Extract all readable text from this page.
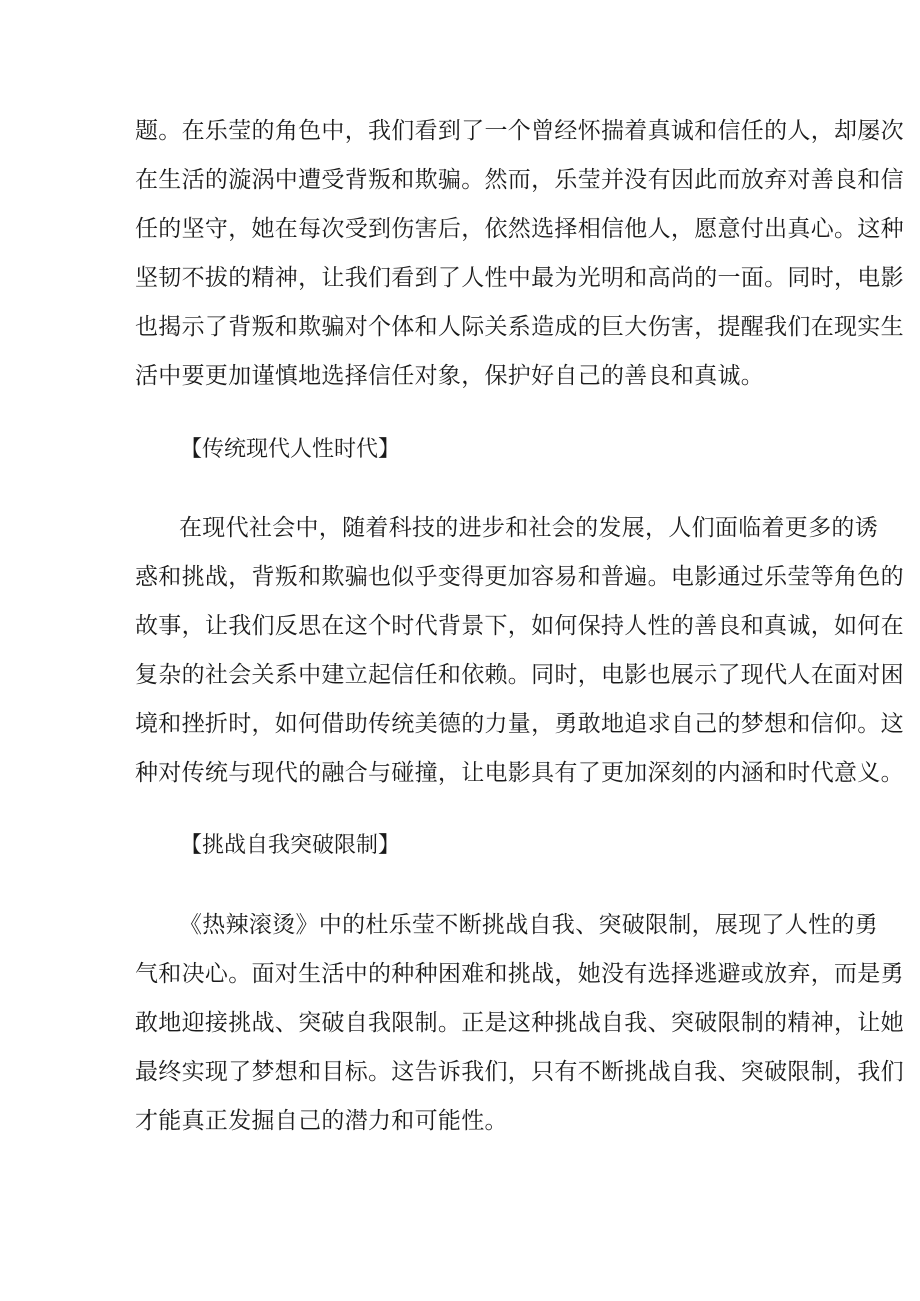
题。在乐莹的角色中，我们看到了一个曾经怀揣着真诚和信任的人，却屡次
在生活的漩涡中遭受背叛和欺骗。然而，乐莹并没有因此而放弃对善良和信
任的坚守，她在每次受到伤害后，依然选择相信他人，愿意付出真心。这种
坚韧不拔的精神，让我们看到了人性中最为光明和高尚的一面。同时，电影
也揭示了背叛和欺骗对个体和人际关系造成的巨大伤害，提醒我们在现实生
活中要更加谨慎地选择信任对象，保护好自己的善良和真诚。
【传统现代人性时代】
在现代社会中，随着科技的进步和社会的发展，人们面临着更多的诱
惑和挑战，背叛和欺骗也似乎变得更加容易和普遍。电影通过乐莹等角色的
故事，让我们反思在这个时代背景下，如何保持人性的善良和真诚，如何在
复杂的社会关系中建立起信任和依赖。同时，电影也展示了现代人在面对困
境和挫折时，如何借助传统美德的力量，勇敢地追求自己的梦想和信仰。这
种对传统与现代的融合与碰撞，让电影具有了更加深刻的内涵和时代意义。
【挑战自我突破限制】
《热辣滚烫》中的杜乐莹不断挑战自我、突破限制，展现了人性的勇
气和决心。面对生活中的种种困难和挑战，她没有选择逃避或放弃，而是勇
敢地迎接挑战、突破自我限制。正是这种挑战自我、突破限制的精神，让她
最终实现了梦想和目标。这告诉我们，只有不断挑战自我、突破限制，我们
才能真正发掘自己的潜力和可能性。
